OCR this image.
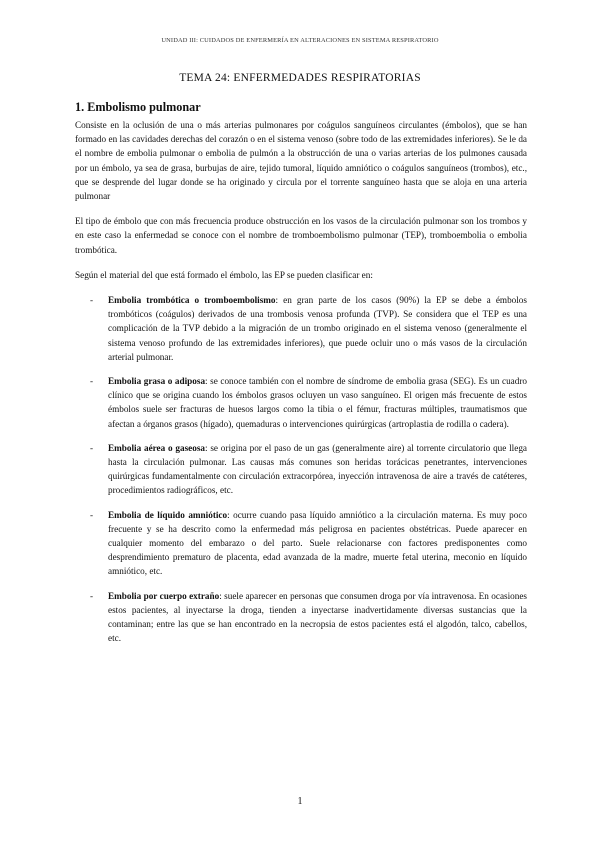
UNIDAD III: CUIDADOS DE ENFERMERÍA EN ALTERACIONES EN SISTEMA RESPIRATORIO
TEMA 24: ENFERMEDADES RESPIRATORIAS
1. Embolismo pulmonar

Consiste en la oclusión de una o más arterias pulmonares por coágulos sanguíneos circulantes (émbolos), que se han formado en las cavidades derechas del corazón o en el sistema venoso (sobre todo de las extremidades inferiores). Se le da el nombre de embolia pulmonar o embolia de pulmón a la obstrucción de una o varias arterias de los pulmones causada por un émbolo, ya sea de grasa, burbujas de aire, tejido tumoral, líquido amniótico o coágulos sanguíneos (trombos), etc., que se desprende del lugar donde se ha originado y circula por el torrente sanguíneo hasta que se aloja en una arteria pulmonar

El tipo de émbolo que con más frecuencia produce obstrucción en los vasos de la circulación pulmonar son los trombos y en este caso la enfermedad se conoce con el nombre de tromboembolismo pulmonar (TEP), tromboembolia o embolia trombótica.

Según el material del que está formado el émbolo, las EP se pueden clasificar en:

- Embolia trombótica o tromboembolismo: en gran parte de los casos (90%) la EP se debe a émbolos trombóticos (coágulos) derivados de una trombosis venosa profunda (TVP). Se considera que el TEP es una complicación de la TVP debido a la migración de un trombo originado en el sistema venoso (generalmente el sistema venoso profundo de las extremidades inferiores), que puede ocluir uno o más vasos de la circulación arterial pulmonar.
- Embolia grasa o adiposa: se conoce también con el nombre de síndrome de embolia grasa (SEG). Es un cuadro clínico que se origina cuando los émbolos grasos ocluyen un vaso sanguíneo. El origen más frecuente de estos émbolos suele ser fracturas de huesos largos como la tibia o el fémur, fracturas múltiples, traumatismos que afectan a órganos grasos (hígado), quemaduras o intervenciones quirúrgicas (artroplastia de rodilla o cadera).
- Embolia aérea o gaseosa: se origina por el paso de un gas (generalmente aire) al torrente circulatorio que llega hasta la circulación pulmonar. Las causas más comunes son heridas torácicas penetrantes, intervenciones quirúrgicas fundamentalmente con circulación extracorpórea, inyección intravenosa de aire a través de catéteres, procedimientos radiográficos, etc.
- Embolia de líquido amniótico: ocurre cuando pasa líquido amniótico a la circulación materna. Es muy poco frecuente y se ha descrito como la enfermedad más peligrosa en pacientes obstétricas. Puede aparecer en cualquier momento del embarazo o del parto. Suele relacionarse con factores predisponentes como desprendimiento prematuro de placenta, edad avanzada de la madre, muerte fetal uterina, meconio en líquido amniótico, etc.
- Embolia por cuerpo extraño: suele aparecer en personas que consumen droga por vía intravenosa. En ocasiones estos pacientes, al inyectarse la droga, tienden a inyectarse inadvertidamente diversas sustancias que la contaminan; entre las que se han encontrado en la necropsia de estos pacientes está el algodón, talco, cabellos, etc.
1
